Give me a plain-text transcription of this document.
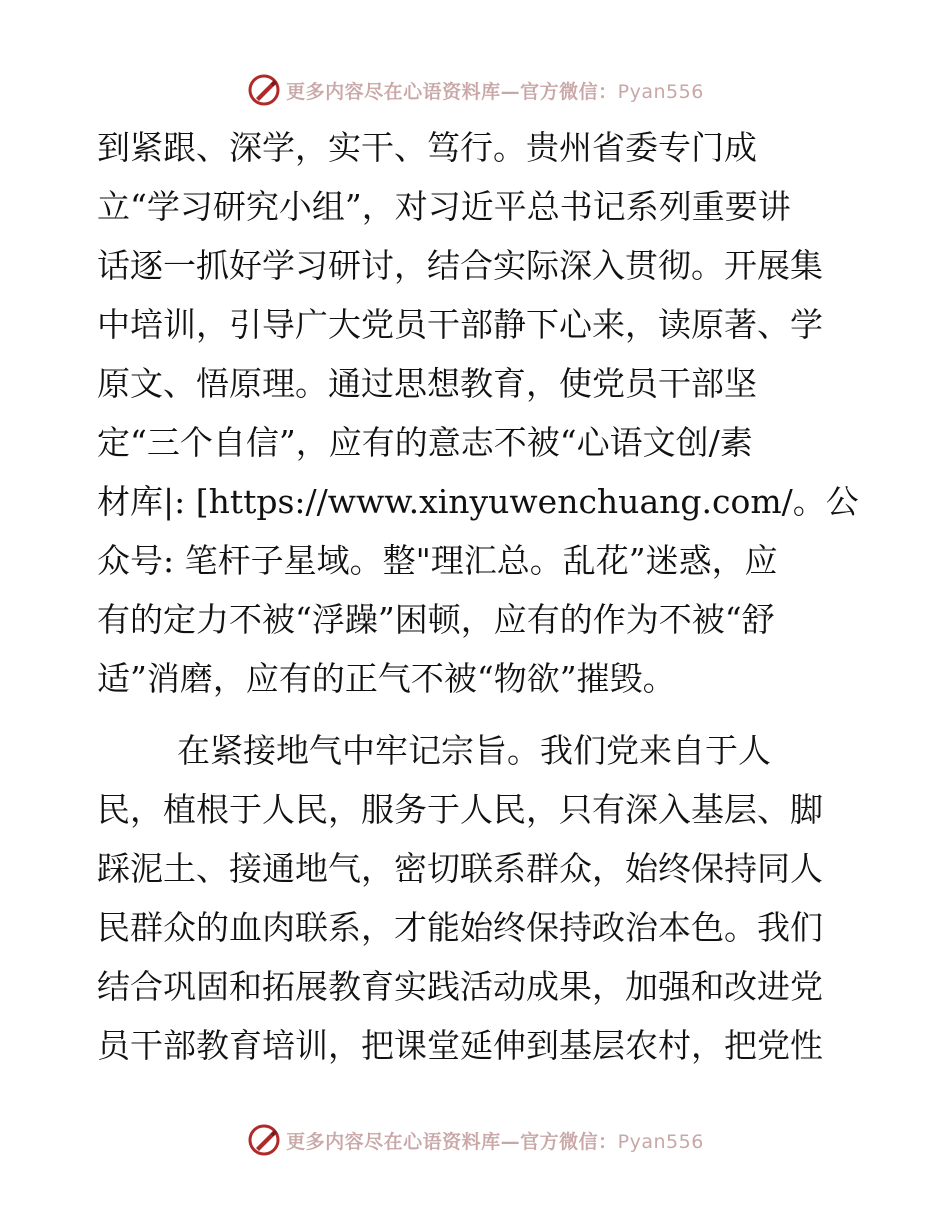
更多内容尽在心语资料库—官方微信：Pyan556
到紧跟、深学，实干、笃行。贵州省委专门成
立“学习研究小组”，对习近平总书记系列重要讲
话逐一抓好学习研讨，结合实际深入贯彻。开展集
中培训，引导广大党员干部静下心来，读原著、学
原文、悟原理。通过思想教育，使党员干部坚
定“三个自信”，应有的意志不被“心语文创/素
材库|: [https://www.xinyuwenchuang.com/。公
众号: 笔杆子星域。整"理汇总。乱花”迷惑，应
有的定力不被“浮躁”困顿，应有的作为不被“舒
适”消磨，应有的正气不被“物欲”摧毁。
在紧接地气中牢记宗旨。我们党来自于人
民，植根于人民，服务于人民，只有深入基层、脚
踩泥土、接通地气，密切联系群众，始终保持同人
民群众的血肉联系，才能始终保持政治本色。我们
结合巩固和拓展教育实践活动成果，加强和改进党
员干部教育培训，把课堂延伸到基层农村，把党性
更多内容尽在心语资料库—官方微信：Pyan556
